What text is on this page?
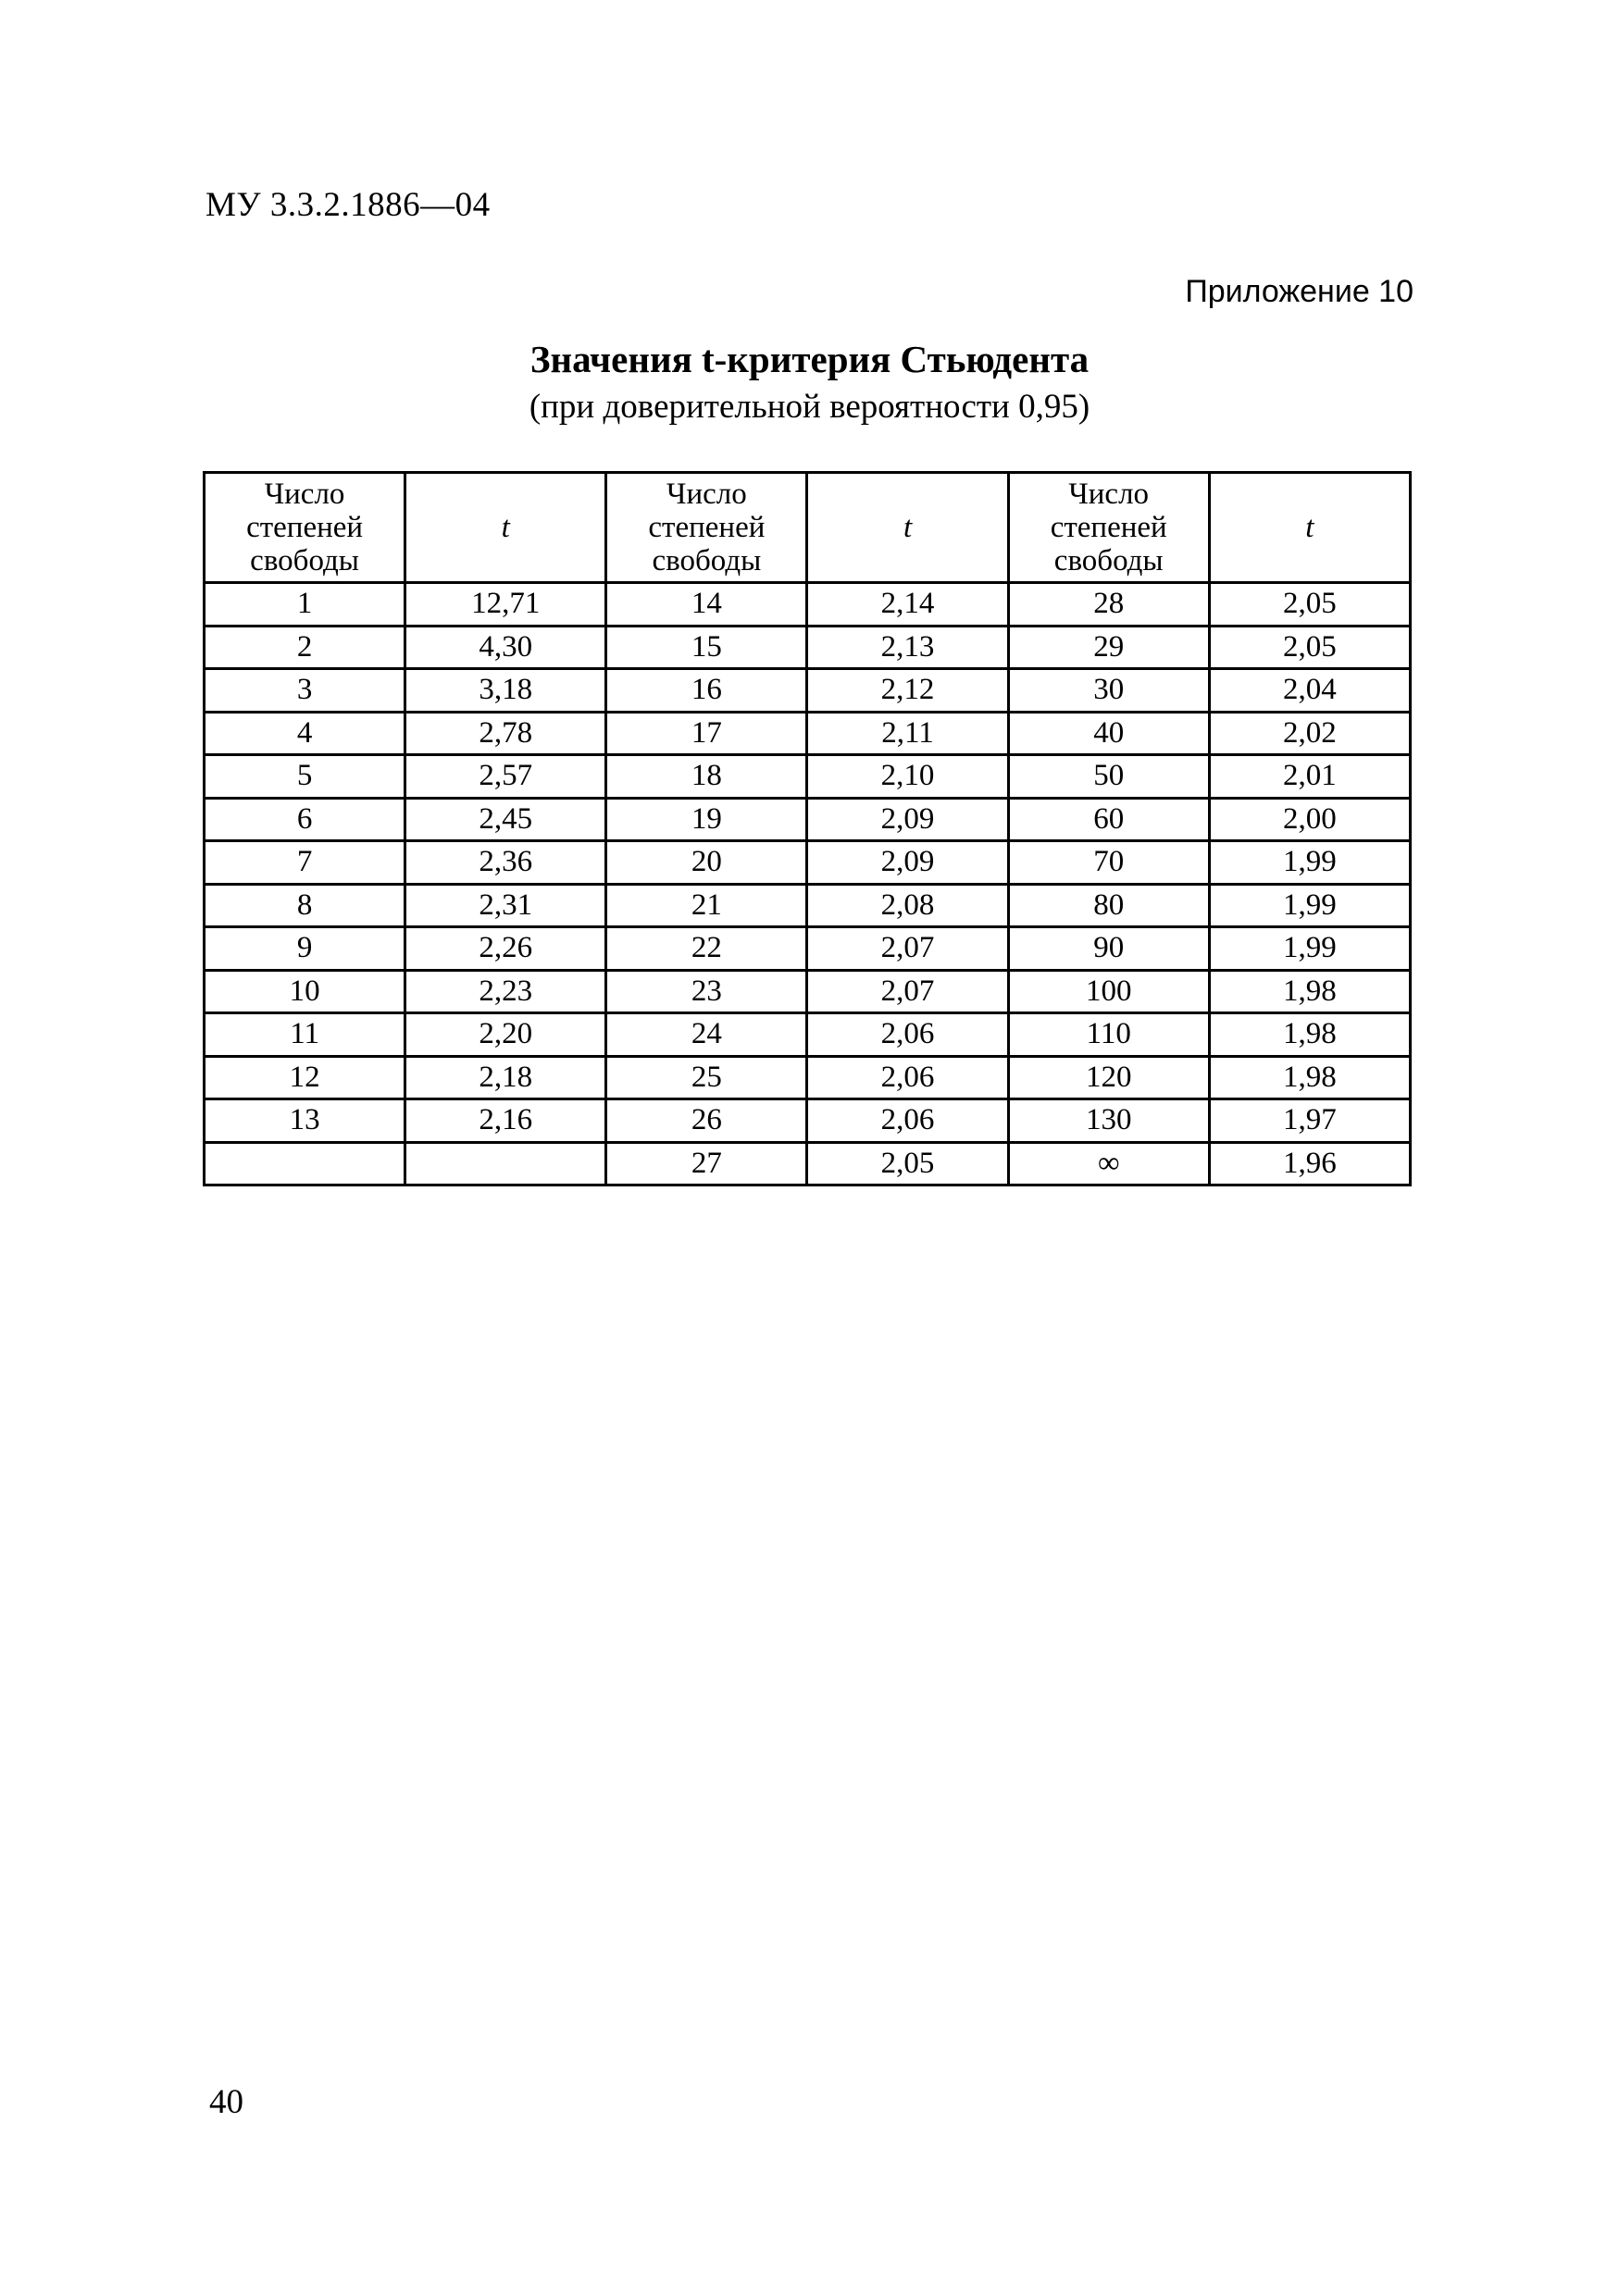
МУ 3.3.2.1886—04
Приложение 10
Значения t-критерия Стьюдента
(при доверительной вероятности 0,95)
Число
степеней
свободы	t	Число
степеней
свободы	t	Число
степеней
свободы	t
1	12,71	14	2,14	28	2,05
2	4,30	15	2,13	29	2,05
3	3,18	16	2,12	30	2,04
4	2,78	17	2,11	40	2,02
5	2,57	18	2,10	50	2,01
6	2,45	19	2,09	60	2,00
7	2,36	20	2,09	70	1,99
8	2,31	21	2,08	80	1,99
9	2,26	22	2,07	90	1,99
10	2,23	23	2,07	100	1,98
11	2,20	24	2,06	110	1,98
12	2,18	25	2,06	120	1,98
13	2,16	26	2,06	130	1,97
		27	2,05	∞	1,96
40
